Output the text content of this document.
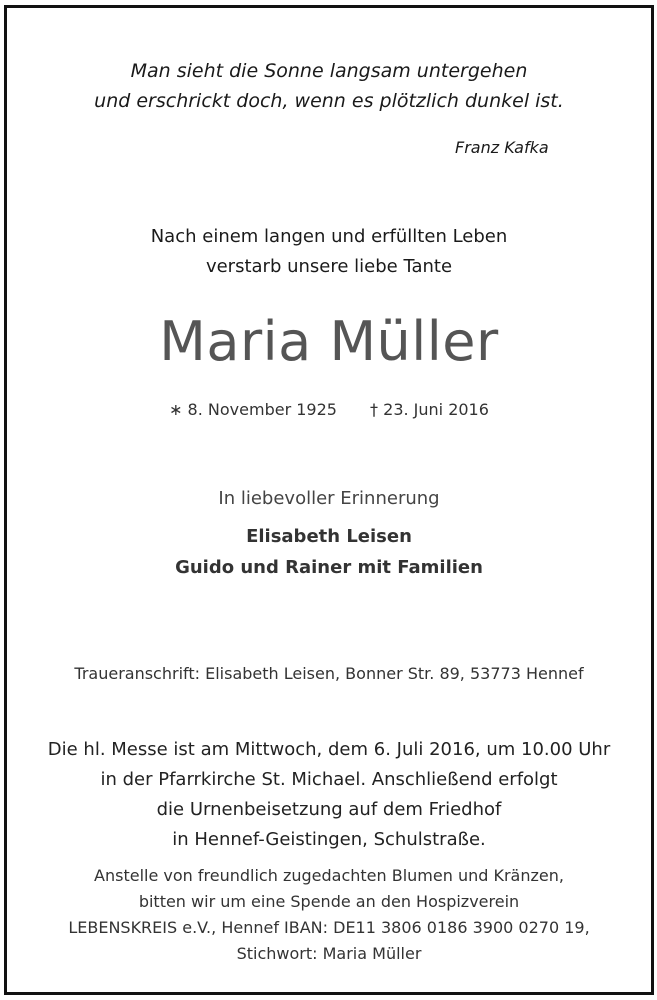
Man sieht die Sonne langsam untergehen
und erschrickt doch, wenn es plötzlich dunkel ist.
Franz Kafka
Nach einem langen und erfüllten Leben
verstarb unsere liebe Tante
Maria Müller
∗ 8. November 1925 † 23. Juni 2016
In liebevoller Erinnerung
Elisabeth Leisen
Guido und Rainer mit Familien
Traueranschrift: Elisabeth Leisen, Bonner Str. 89, 53773 Hennef
Die hl. Messe ist am Mittwoch, dem 6. Juli 2016, um 10.00 Uhr
in der Pfarrkirche St. Michael. Anschließend erfolgt
die Urnenbeisetzung auf dem Friedhof
in Hennef-Geistingen, Schulstraße.
Anstelle von freundlich zugedachten Blumen und Kränzen,
bitten wir um eine Spende an den Hospizverein
LEBENSKREIS e.V., Hennef IBAN: DE11 3806 0186 3900 0270 19,
Stichwort: Maria Müller
